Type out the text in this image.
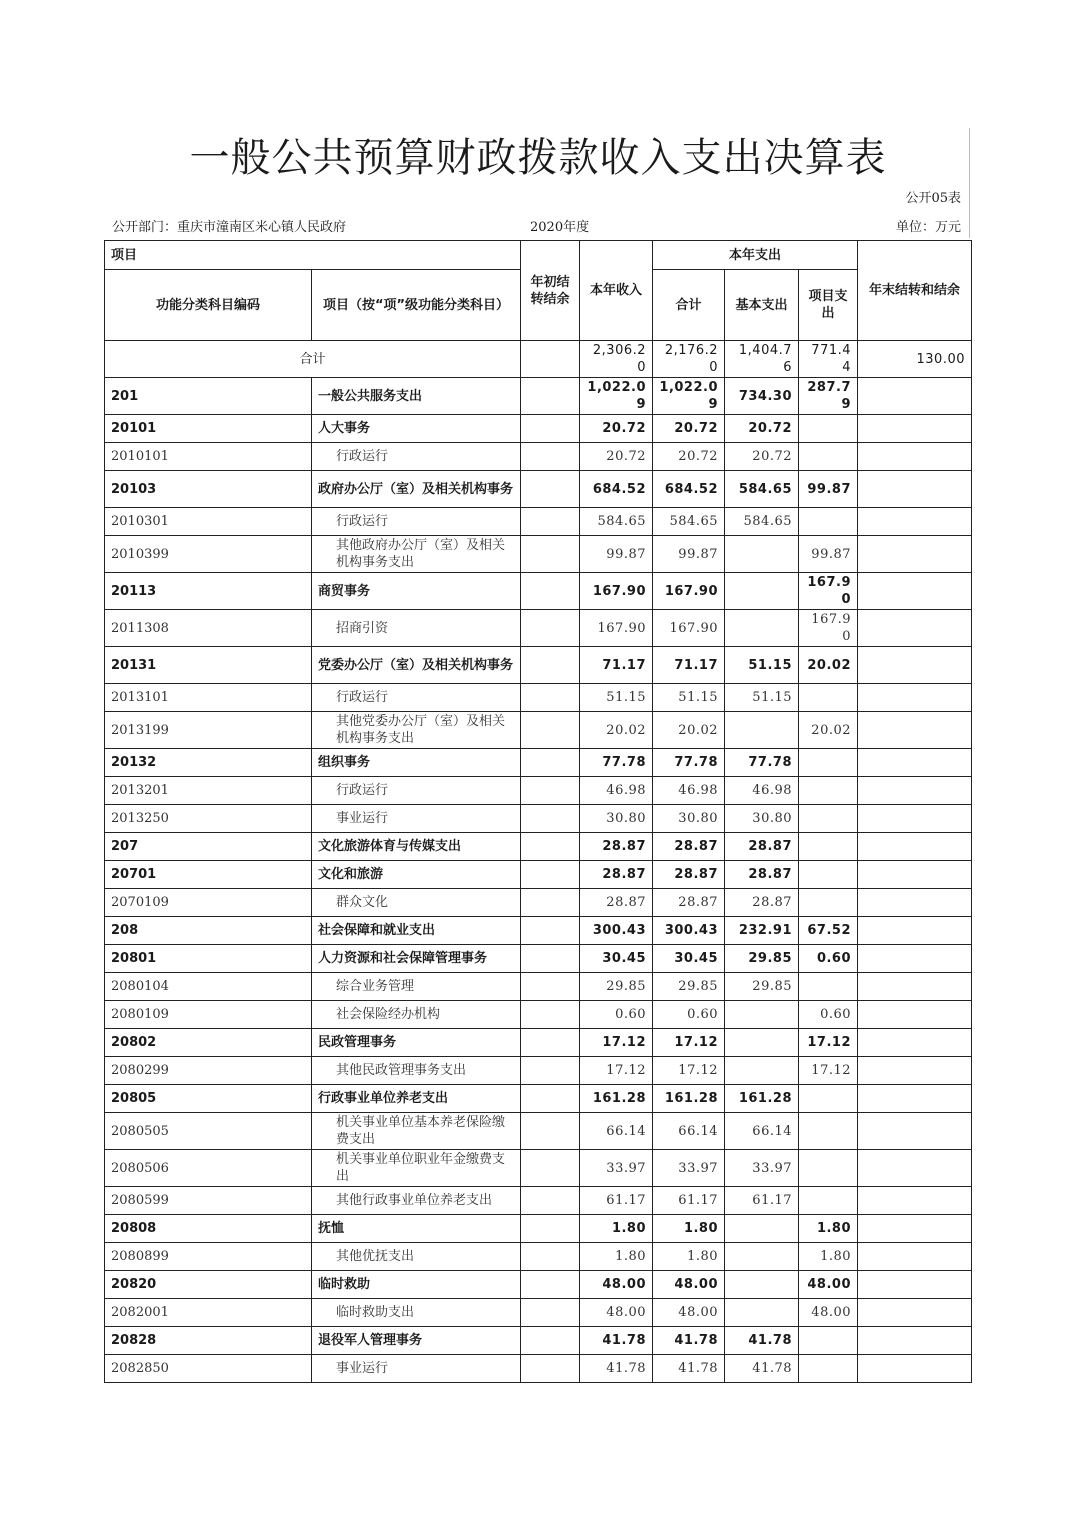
一般公共预算财政拨款收入支出决算表
公开05表
公开部门：重庆市潼南区米心镇人民政府	2020年度	单位：万元
项目		年初结转结余	本年收入	本年支出			年末结转和结余
功能分类科目编码	项目（按“项”级功能分类科目）			合计	基本支出	项目支出	
合计			2,306.20	2,176.20	1,404.76	771.44	130.00
201	一般公共服务支出		1,022.09	1,022.09	734.30	287.79	
20101	人大事务		20.72	20.72	20.72		
2010101	行政运行		20.72	20.72	20.72		
20103	政府办公厅（室）及相关机构事务		684.52	684.52	584.65	99.87	
2010301	行政运行		584.65	584.65	584.65		
2010399	其他政府办公厅（室）及相关机构事务支出		99.87	99.87		99.87	
20113	商贸事务		167.90	167.90		167.90	
2011308	招商引资		167.90	167.90		167.90	
20131	党委办公厅（室）及相关机构事务		71.17	71.17	51.15	20.02	
2013101	行政运行		51.15	51.15	51.15		
2013199	其他党委办公厅（室）及相关机构事务支出		20.02	20.02		20.02	
20132	组织事务		77.78	77.78	77.78		
2013201	行政运行		46.98	46.98	46.98		
2013250	事业运行		30.80	30.80	30.80		
207	文化旅游体育与传媒支出		28.87	28.87	28.87		
20701	文化和旅游		28.87	28.87	28.87		
2070109	群众文化		28.87	28.87	28.87		
208	社会保障和就业支出		300.43	300.43	232.91	67.52	
20801	人力资源和社会保障管理事务		30.45	30.45	29.85	0.60	
2080104	综合业务管理		29.85	29.85	29.85		
2080109	社会保险经办机构		0.60	0.60		0.60	
20802	民政管理事务		17.12	17.12		17.12	
2080299	其他民政管理事务支出		17.12	17.12		17.12	
20805	行政事业单位养老支出		161.28	161.28	161.28		
2080505	机关事业单位基本养老保险缴费支出		66.14	66.14	66.14		
2080506	机关事业单位职业年金缴费支出		33.97	33.97	33.97		
2080599	其他行政事业单位养老支出		61.17	61.17	61.17		
20808	抚恤		1.80	1.80		1.80	
2080899	其他优抚支出		1.80	1.80		1.80	
20820	临时救助		48.00	48.00		48.00	
2082001	临时救助支出		48.00	48.00		48.00	
20828	退役军人管理事务		41.78	41.78	41.78		
2082850	事业运行		41.78	41.78	41.78		
